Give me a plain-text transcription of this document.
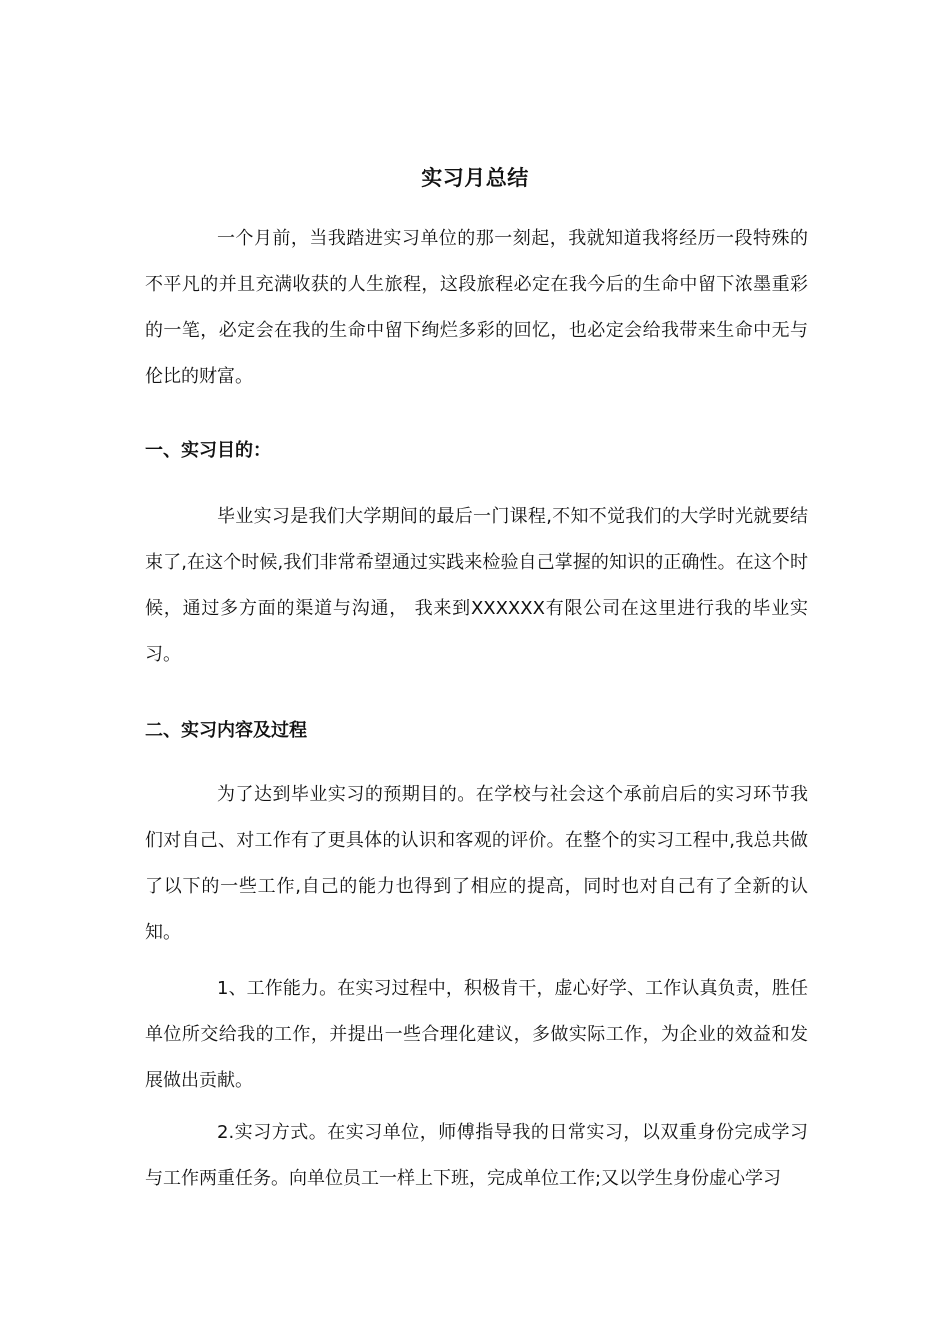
实习月总结

一个月前，当我踏进实习单位的那一刻起，我就知道我将经历一段特殊的不平凡的并且充满收获的人生旅程，这段旅程必定在我今后的生命中留下浓墨重彩的一笔，必定会在我的生命中留下绚烂多彩的回忆，也必定会给我带来生命中无与伦比的财富。

一、实习目的：

毕业实习是我们大学期间的最后一门课程,不知不觉我们的大学时光就要结束了,在这个时候,我们非常希望通过实践来检验自己掌握的知识的正确性。在这个时候，通过多方面的渠道与沟通， 我来到XXXXXX有限公司在这里进行我的毕业实习。

二、实习内容及过程

为了达到毕业实习的预期目的。在学校与社会这个承前启后的实习环节我们对自己、对工作有了更具体的认识和客观的评价。在整个的实习工程中,我总共做了以下的一些工作,自己的能力也得到了相应的提高，同时也对自己有了全新的认知。

1、工作能力。在实习过程中，积极肯干，虚心好学、工作认真负责，胜任单位所交给我的工作，并提出一些合理化建议，多做实际工作，为企业的效益和发展做出贡献。

2.实习方式。在实习单位，师傅指导我的日常实习，以双重身份完成学习与工作两重任务。向单位员工一样上下班，完成单位工作;又以学生身份虚心学习
